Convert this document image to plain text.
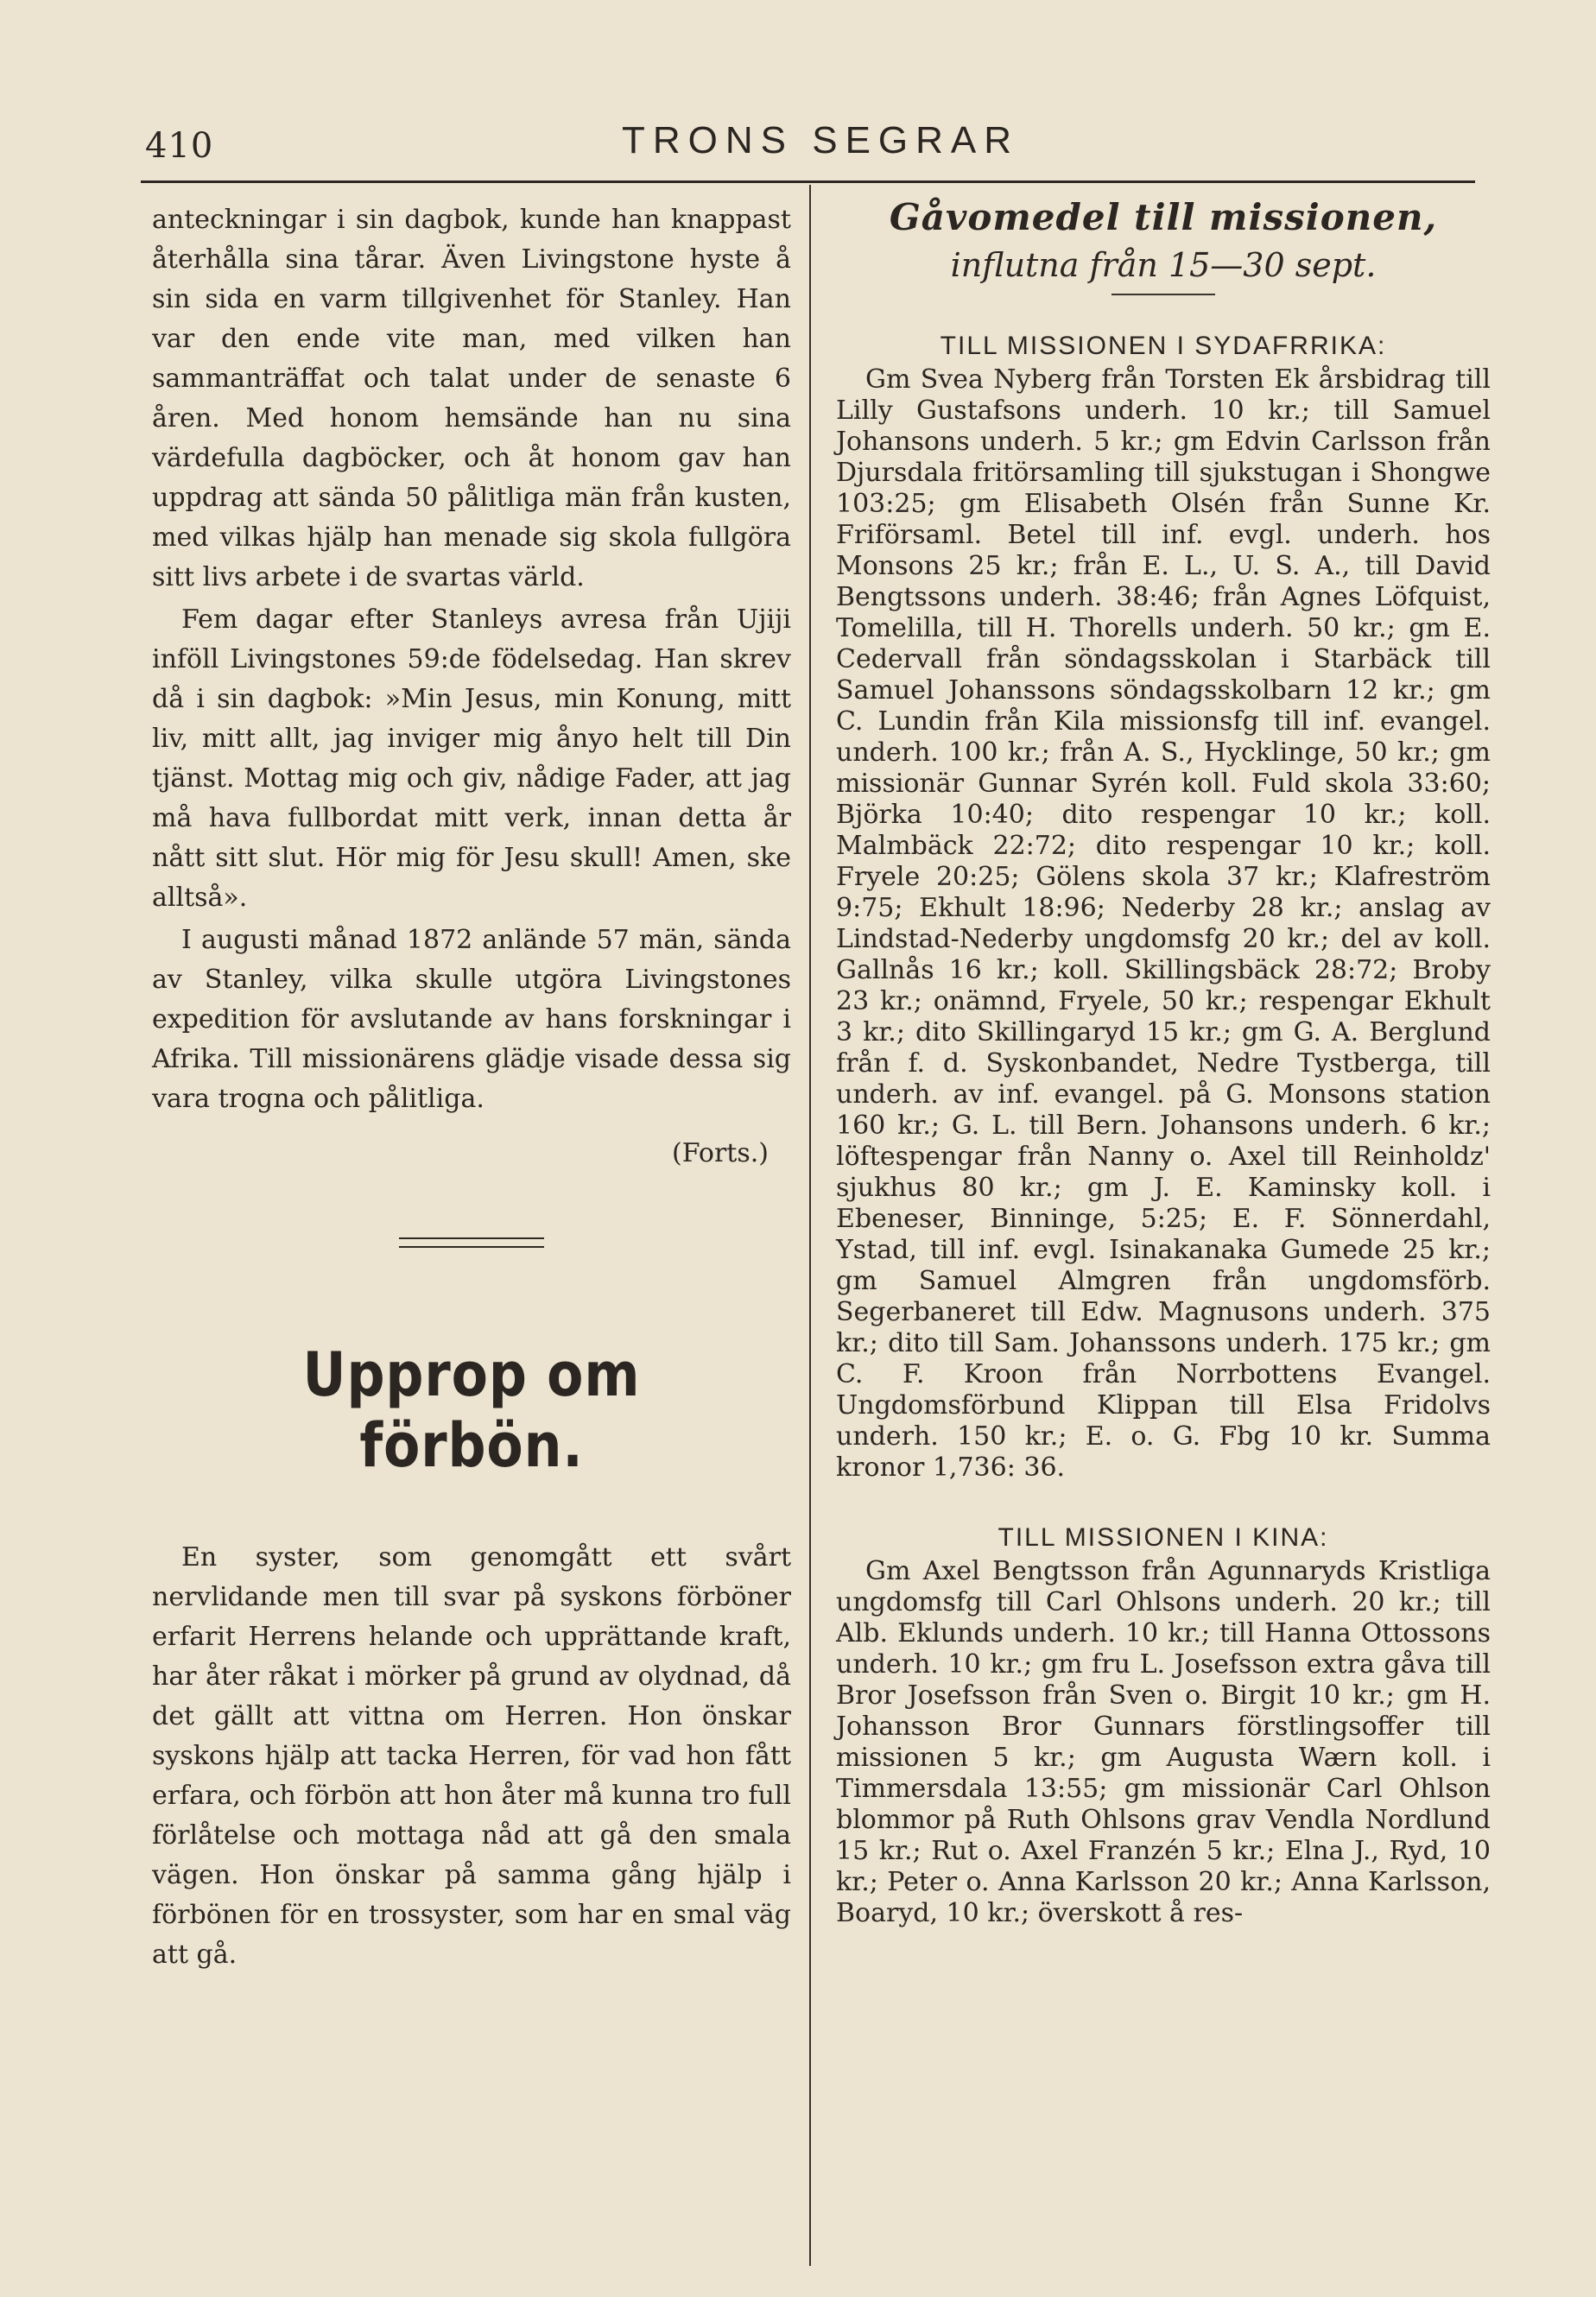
410	TRONS SEGRAR

anteckningar i sin dagbok, kunde han knappast återhålla sina tårar. Även Livingstone hyste å sin sida en varm tillgivenhet för Stanley. Han var den ende vite man, med vilken han sammanträffat och talat under de senaste 6 åren. Med honom hemsände han nu sina värdefulla dagböcker, och åt honom gav han uppdrag att sända 50 pålitliga män från kusten, med vilkas hjälp han menade sig skola fullgöra sitt livs arbete i de svartas värld.

Fem dagar efter Stanleys avresa från Ujiji inföll Livingstones 59:de födelsedag. Han skrev då i sin dagbok: »Min Jesus, min Konung, mitt liv, mitt allt, jag inviger mig ånyo helt till Din tjänst. Mottag mig och giv, nådige Fader, att jag må hava fullbordat mitt verk, innan detta år nått sitt slut. Hör mig för Jesu skull! Amen, ske alltså».

I augusti månad 1872 anlände 57 män, sända av Stanley, vilka skulle utgöra Livingstones expedition för avslutande av hans forskningar i Afrika. Till missionärens glädje visade dessa sig vara trogna och pålitliga.

(Forts.)
Upprop om förbön.

En syster, som genomgått ett svårt nervlidande men till svar på syskons förböner erfarit Herrens helande och upprättande kraft, har åter råkat i mörker på grund av olydnad, då det gällt att vittna om Herren. Hon önskar syskons hjälp att tacka Herren, för vad hon fått erfara, och förbön att hon åter må kunna tro full förlåtelse och mottaga nåd att gå den smala vägen. Hon önskar på samma gång hjälp i förbönen för en trossyster, som har en smal väg att gå.

Gåvomedel till missionen,
influtna från 15—30 sept.
TILL MISSIONEN I SYDAFRRIKA:

Gm Svea Nyberg från Torsten Ek årsbidrag till Lilly Gustafsons underh. 10 kr.; till Samuel Johansons underh. 5 kr.; gm Edvin Carlsson från Djursdala fritörsamling till sjukstugan i Shongwe 103:25; gm Elisabeth Olsén från Sunne Kr. Friförsaml. Betel till inf. evgl. underh. hos Monsons 25 kr.; från E. L., U. S. A., till David Bengtssons underh. 38:46; från Agnes Löfquist, Tomelilla, till H. Thorells underh. 50 kr.; gm E. Cedervall från söndagsskolan i Starbäck till Samuel Johanssons söndagsskolbarn 12 kr.; gm C. Lundin från Kila missionsfg till inf. evangel. underh. 100 kr.; från A. S., Hycklinge, 50 kr.; gm missionär Gunnar Syrén koll. Fuld skola 33:60; Björka 10:40; dito respengar 10 kr.; koll. Malmbäck 22:72; dito respengar 10 kr.; koll. Fryele 20:25; Gölens skola 37 kr.; Klafreström 9:75; Ekhult 18:96; Nederby 28 kr.; anslag av Lindstad-Nederby ungdomsfg 20 kr.; del av koll. Gallnås 16 kr.; koll. Skillingsbäck 28:72; Broby 23 kr.; onämnd, Fryele, 50 kr.; respengar Ekhult 3 kr.; dito Skillingaryd 15 kr.; gm G. A. Berglund från f. d. Syskonbandet, Nedre Tystberga, till underh. av inf. evangel. på G. Monsons station 160 kr.; G. L. till Bern. Johansons underh. 6 kr.; löftespengar från Nanny o. Axel till Reinholdz' sjukhus 80 kr.; gm J. E. Kaminsky koll. i Ebeneser, Binninge, 5:25; E. F. Sönnerdahl, Ystad, till inf. evgl. Isinakanaka Gumede 25 kr.; gm Samuel Almgren från ungdomsförb. Segerbaneret till Edw. Magnusons underh. 375 kr.; dito till Sam. Johanssons underh. 175 kr.; gm C. F. Kroon från Norrbottens Evangel. Ungdomsförbund Klippan till Elsa Fridolvs underh. 150 kr.; E. o. G. Fbg 10 kr. Summa kronor 1,736: 36.

TILL MISSIONEN I KINA:

Gm Axel Bengtsson från Agunnaryds Kristliga ungdomsfg till Carl Ohlsons underh. 20 kr.; till Alb. Eklunds underh. 10 kr.; till Hanna Ottossons underh. 10 kr.; gm fru L. Josefsson extra gåva till Bror Josefsson från Sven o. Birgit 10 kr.; gm H. Johansson Bror Gunnars förstlingsoffer till missionen 5 kr.; gm Augusta Wærn koll. i Timmersdala 13:55; gm missionär Carl Ohlson blommor på Ruth Ohlsons grav Vendla Nordlund 15 kr.; Rut o. Axel Franzén 5 kr.; Elna J., Ryd, 10 kr.; Peter o. Anna Karlsson 20 kr.; Anna Karlsson, Boaryd, 10 kr.; överskott å res-
